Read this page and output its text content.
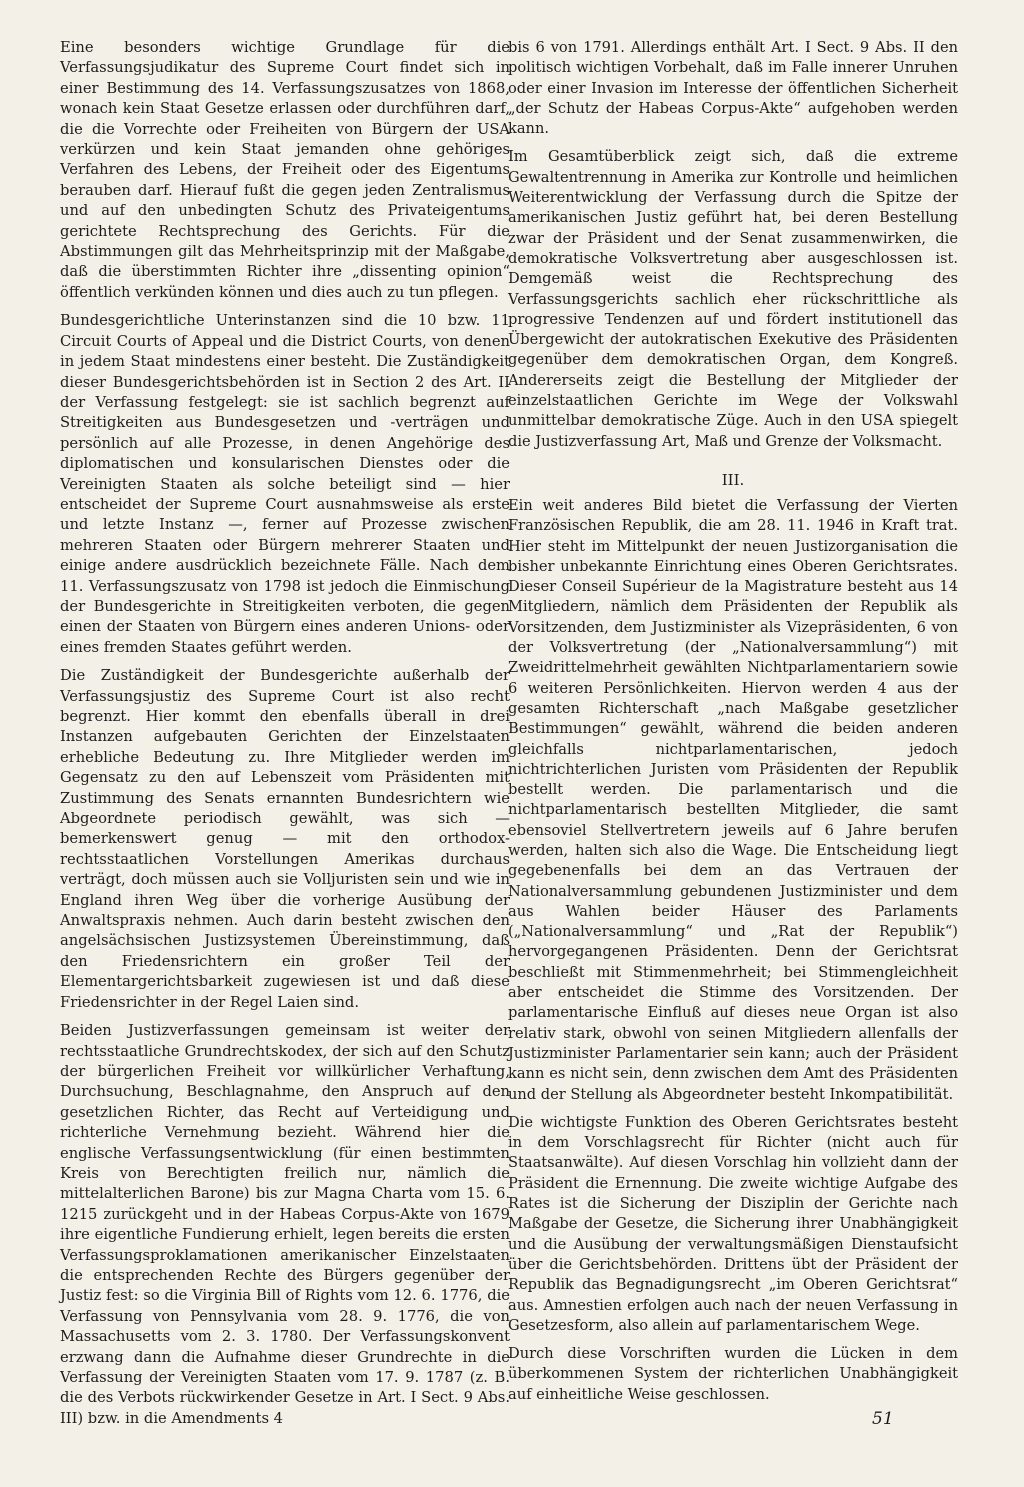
Eine besonders wichtige Grundlage für die Verfassungsjudikatur des Supreme Court findet sich in einer Bestimmung des 14. Verfassungszusatzes von 1868, wonach kein Staat Gesetze erlassen oder durchführen darf, die die Vorrechte oder Freiheiten von Bürgern der USA verkürzen und kein Staat jemanden ohne gehöriges Verfahren des Lebens, der Freiheit oder des Eigentums berauben darf. Hierauf fußt die gegen jeden Zentralismus und auf den unbedingten Schutz des Privateigentums gerichtete Rechtsprechung des Gerichts. Für die Abstimmungen gilt das Mehrheitsprinzip mit der Maßgabe, daß die überstimmten Richter ihre „dissenting opinion“ öffentlich verkünden können und dies auch zu tun pflegen.

Bundesgerichtliche Unterinstanzen sind die 10 bzw. 11 Circuit Courts of Appeal und die District Courts, von denen in jedem Staat mindestens einer besteht. Die Zuständigkeit dieser Bundesgerichtsbehörden ist in Section 2 des Art. II der Verfassung festgelegt: sie ist sachlich begrenzt auf Streitigkeiten aus Bundesgesetzen und -verträgen und persönlich auf alle Prozesse, in denen Angehörige des diplomatischen und konsularischen Dienstes oder die Vereinigten Staaten als solche beteiligt sind — hier entscheidet der Supreme Court ausnahmsweise als erste und letzte Instanz —, ferner auf Prozesse zwischen mehreren Staaten oder Bürgern mehrerer Staaten und einige andere ausdrücklich bezeichnete Fälle. Nach dem 11. Verfassungszusatz von 1798 ist jedoch die Einmischung der Bundesgerichte in Streitigkeiten verboten, die gegen einen der Staaten von Bürgern eines anderen Unions- oder eines fremden Staates geführt werden.

Die Zuständigkeit der Bundesgerichte außerhalb der Verfassungsjustiz des Supreme Court ist also recht begrenzt. Hier kommt den ebenfalls überall in drei Instanzen aufgebauten Gerichten der Einzelstaaten erhebliche Bedeutung zu. Ihre Mitglieder werden im Gegensatz zu den auf Lebenszeit vom Präsidenten mit Zustimmung des Senats ernannten Bundesrichtern wie Abgeordnete periodisch gewählt, was sich — bemerkenswert genug — mit den orthodox-rechtsstaatlichen Vorstellungen Amerikas durchaus verträgt, doch müssen auch sie Volljuristen sein und wie in England ihren Weg über die vorherige Ausübung der Anwaltspraxis nehmen. Auch darin besteht zwischen den angelsächsischen Justizsystemen Übereinstimmung, daß den Friedensrichtern ein großer Teil der Elementargerichtsbarkeit zugewiesen ist und daß diese Friedensrichter in der Regel Laien sind.

Beiden Justizverfassungen gemeinsam ist weiter der rechtsstaatliche Grundrechtskodex, der sich auf den Schutz der bürgerlichen Freiheit vor willkürlicher Verhaftung, Durchsuchung, Beschlagnahme, den Anspruch auf den gesetzlichen Richter, das Recht auf Verteidigung und richterliche Vernehmung bezieht. Während hier die englische Verfassungsentwicklung (für einen bestimmten Kreis von Berechtigten freilich nur, nämlich die mittelalterlichen Barone) bis zur Magna Charta vom 15. 6. 1215 zurückgeht und in der Habeas Corpus-Akte von 1679 ihre eigentliche Fundierung erhielt, legen bereits die ersten Verfassungsproklamationen amerikanischer Einzelstaaten die entsprechenden Rechte des Bürgers gegenüber der Justiz fest: so die Virginia Bill of Rights vom 12. 6. 1776, die Verfassung von Pennsylvania vom 28. 9. 1776, die von Massachusetts vom 2. 3. 1780. Der Verfassungskonvent erzwang dann die Aufnahme dieser Grundrechte in die Verfassung der Vereinigten Staaten vom 17. 9. 1787 (z. B. die des Verbots rückwirkender Gesetze in Art. I Sect. 9 Abs. III) bzw. in die Amendments 4

bis 6 von 1791. Allerdings enthält Art. I Sect. 9 Abs. II den politisch wichtigen Vorbehalt, daß im Falle innerer Unruhen oder einer Invasion im Interesse der öffentlichen Sicherheit „der Schutz der Habeas Corpus-Akte“ aufgehoben werden kann.

Im Gesamtüberblick zeigt sich, daß die extreme Gewaltentrennung in Amerika zur Kontrolle und heimlichen Weiterentwicklung der Verfassung durch die Spitze der amerikanischen Justiz geführt hat, bei deren Bestellung zwar der Präsident und der Senat zusammenwirken, die demokratische Volksvertretung aber ausgeschlossen ist. Demgemäß weist die Rechtsprechung des Verfassungsgerichts sachlich eher rückschrittliche als progressive Tendenzen auf und fördert institutionell das Übergewicht der autokratischen Exekutive des Präsidenten gegenüber dem demokratischen Organ, dem Kongreß. Andererseits zeigt die Bestellung der Mitglieder der einzelstaatlichen Gerichte im Wege der Volkswahl unmittelbar demokratische Züge. Auch in den USA spiegelt die Justizverfassung Art, Maß und Grenze der Volksmacht.

III.

Ein weit anderes Bild bietet die Verfassung der Vierten Französischen Republik, die am 28. 11. 1946 in Kraft trat. Hier steht im Mittelpunkt der neuen Justizorganisation die bisher unbekannte Einrichtung eines Oberen Gerichtsrates. Dieser Conseil Supérieur de la Magistrature besteht aus 14 Mitgliedern, nämlich dem Präsidenten der Republik als Vorsitzenden, dem Justizminister als Vizepräsidenten, 6 von der Volksvertretung (der „Nationalversammlung“) mit Zweidrittelmehrheit gewählten Nichtparlamentariern sowie 6 weiteren Persönlichkeiten. Hiervon werden 4 aus der gesamten Richterschaft „nach Maßgabe gesetzlicher Bestimmungen“ gewählt, während die beiden anderen gleichfalls nichtparlamentarischen, jedoch nichtrichterlichen Juristen vom Präsidenten der Republik bestellt werden. Die parlamentarisch und die nichtparlamentarisch bestellten Mitglieder, die samt ebensoviel Stellvertretern jeweils auf 6 Jahre berufen werden, halten sich also die Wage. Die Entscheidung liegt gegebenenfalls bei dem an das Vertrauen der Nationalversammlung gebundenen Justizminister und dem aus Wahlen beider Häuser des Parlaments („Nationalversammlung“ und „Rat der Republik“) hervorgegangenen Präsidenten. Denn der Gerichtsrat beschließt mit Stimmenmehrheit; bei Stimmengleichheit aber entscheidet die Stimme des Vorsitzenden. Der parlamentarische Einfluß auf dieses neue Organ ist also relativ stark, obwohl von seinen Mitgliedern allenfalls der Justizminister Parlamentarier sein kann; auch der Präsident kann es nicht sein, denn zwischen dem Amt des Präsidenten und der Stellung als Abgeordneter besteht Inkompatibilität.

Die wichtigste Funktion des Oberen Gerichtsrates besteht in dem Vorschlagsrecht für Richter (nicht auch für Staatsanwälte). Auf diesen Vorschlag hin vollzieht dann der Präsident die Ernennung. Die zweite wichtige Aufgabe des Rates ist die Sicherung der Disziplin der Gerichte nach Maßgabe der Gesetze, die Sicherung ihrer Unabhängigkeit und die Ausübung der verwaltungsmäßigen Dienstaufsicht über die Gerichtsbehörden. Drittens übt der Präsident der Republik das Begnadigungsrecht „im Oberen Gerichtsrat“ aus. Amnestien erfolgen auch nach der neuen Verfassung in Gesetzesform, also allein auf parlamentarischem Wege.

Durch diese Vorschriften wurden die Lücken in dem überkommenen System der richterlichen Unabhängigkeit auf einheitliche Weise geschlossen.

51
